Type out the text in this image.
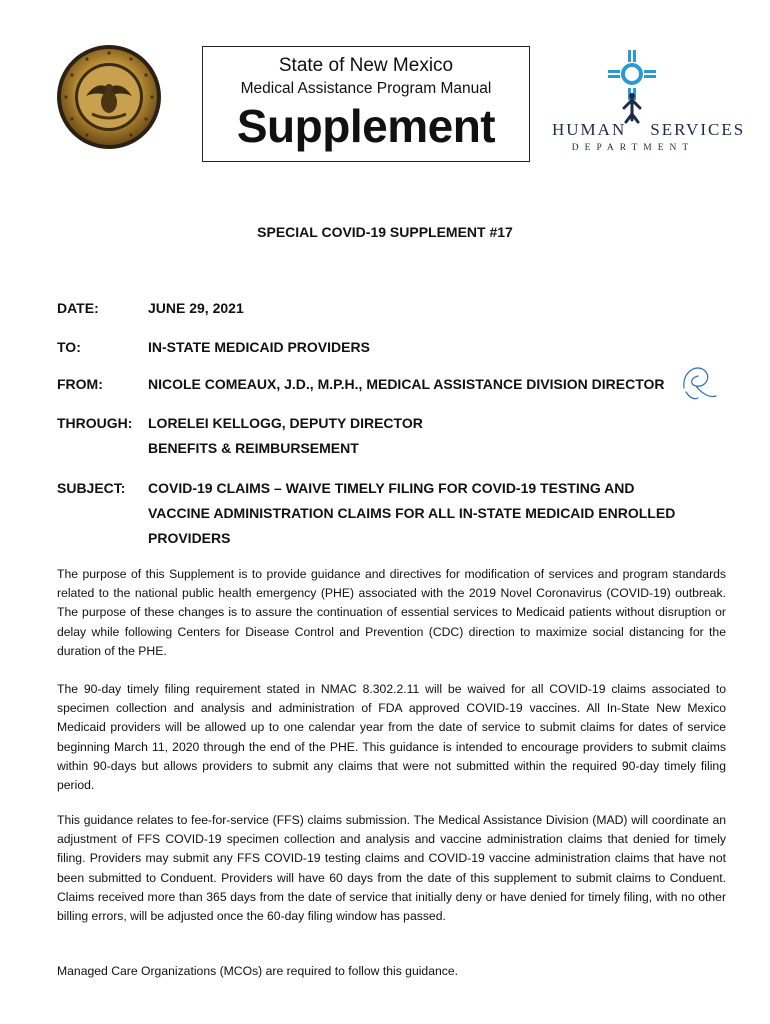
State of New Mexico
Medical Assistance Program Manual
Supplement	HUMAN SERVICES
DEPARTMENT
SPECIAL COVID-19 SUPPLEMENT #17
DATE:	JUNE 29, 2021
TO:	IN-STATE MEDICAID PROVIDERS
FROM:	NICOLE COMEAUX, J.D., M.P.H., MEDICAL ASSISTANCE DIVISION DIRECTOR
THROUGH: LORELEI KELLOGG, DEPUTY DIRECTOR
BENEFITS & REIMBURSEMENT
SUBJECT: COVID-19 CLAIMS – WAIVE TIMELY FILING FOR COVID-19 TESTING AND
VACCINE ADMINISTRATION CLAIMS FOR ALL IN-STATE MEDICAID ENROLLED
PROVIDERS

The purpose of this Supplement is to provide guidance and directives for modification of services and program standards related to the national public health emergency (PHE) associated with the 2019 Novel Coronavirus (COVID-19) outbreak. The purpose of these changes is to assure the continuation of essential services to Medicaid patients without disruption or delay while following Centers for Disease Control and Prevention (CDC) direction to maximize social distancing for the duration of the PHE.

The 90-day timely filing requirement stated in NMAC 8.302.2.11 will be waived for all COVID-19 claims associated to specimen collection and analysis and administration of FDA approved COVID-19 vaccines. All In-State New Mexico Medicaid providers will be allowed up to one calendar year from the date of service to submit claims for dates of service beginning March 11, 2020 through the end of the PHE. This guidance is intended to encourage providers to submit claims within 90-days but allows providers to submit any claims that were not submitted within the required 90-day timely filing period.

This guidance relates to fee-for-service (FFS) claims submission. The Medical Assistance Division (MAD) will coordinate an adjustment of FFS COVID-19 specimen collection and analysis and vaccine administration claims that denied for timely filing. Providers may submit any FFS COVID-19 testing claims and COVID-19 vaccine administration claims that have not been submitted to Conduent. Providers will have 60 days from the date of this supplement to submit claims to Conduent. Claims received more than 365 days from the date of service that initially deny or have denied for timely filing, with no other billing errors, will be adjusted once the 60-day filing window has passed.

Managed Care Organizations (MCOs) are required to follow this guidance.
